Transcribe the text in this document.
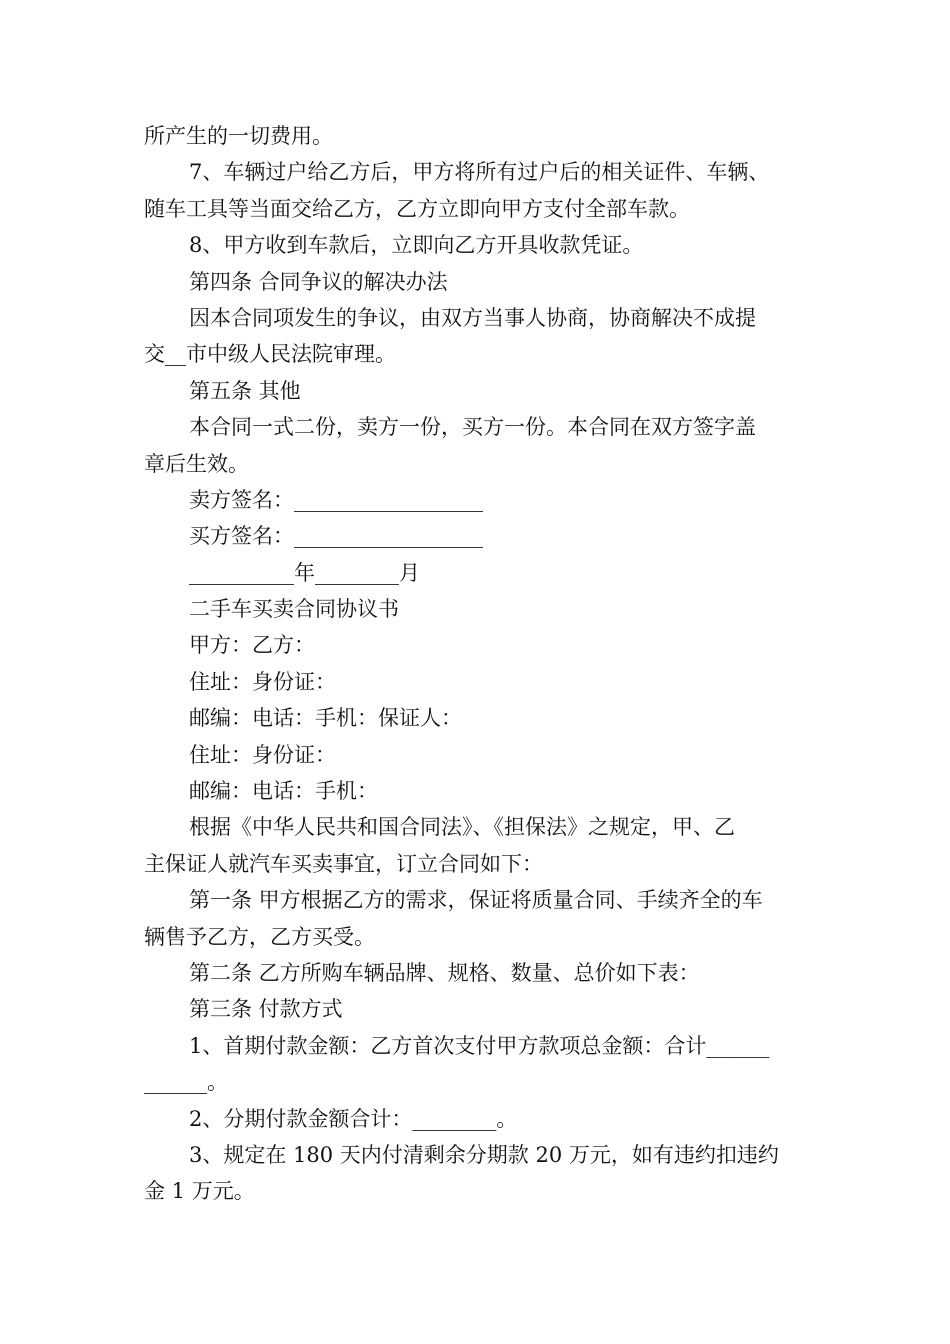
所产生的一切费用。
7、车辆过户给乙方后，甲方将所有过户后的相关证件、车辆、
随车工具等当面交给乙方，乙方立即向甲方支付全部车款。
8、甲方收到车款后，立即向乙方开具收款凭证。
第四条 合同争议的解决办法
因本合同项发生的争议，由双方当事人协商，协商解决不成提
交__市中级人民法院审理。
第五条 其他
本合同一式二份，卖方一份，买方一份。本合同在双方签字盖
章后生效。
卖方签名：__________________
买方签名：__________________
__________年________月
二手车买卖合同协议书
甲方：乙方：
住址：身份证：
邮编：电话：手机：保证人：
住址：身份证：
邮编：电话：手机：
根据《中华人民共和国合同法》、《担保法》之规定，甲、乙
主保证人就汽车买卖事宜，订立合同如下：
第一条 甲方根据乙方的需求，保证将质量合同、手续齐全的车
辆售予乙方，乙方买受。
第二条 乙方所购车辆品牌、规格、数量、总价如下表：
第三条 付款方式
1、首期付款金额：乙方首次支付甲方款项总金额：合计______
______。
2、分期付款金额合计：________。
3、规定在 180 天内付清剩余分期款 20 万元，如有违约扣违约
金 1 万元。
